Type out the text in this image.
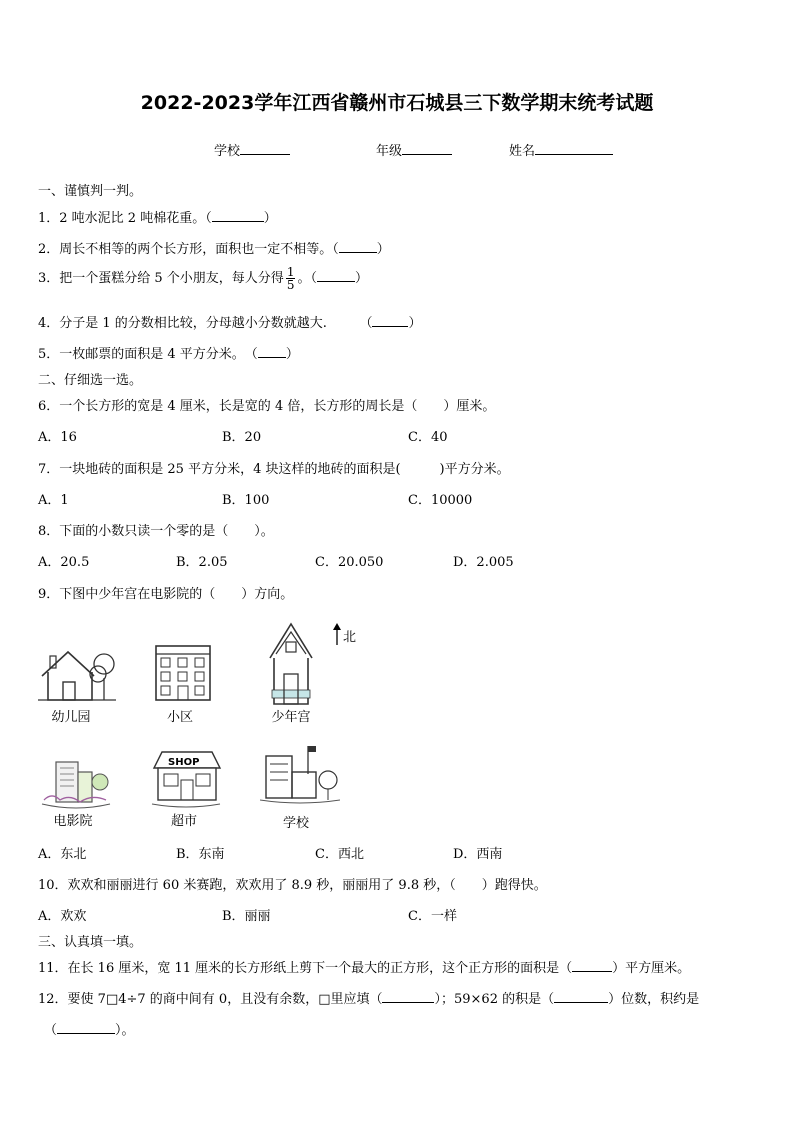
2022-2023学年江西省赣州市石城县三下数学期末统考试题
学校	年级	姓名
一、谨慎判一判。
1．2 吨水泥比 2 吨棉花重。（	）
2．周长不相等的两个长方形，面积也一定不相等。（	）
3．把一个蛋糕分给 5 个小朋友，每人分得 $\frac{1}{5}$ 。（	）
4．分子是 1 的分数相比较，分母越小分数就越大.　　　（	）
5．一枚邮票的面积是 4 平方分米。　（ ）
二、仔细选一选。
6．一个长方形的宽是 4 厘米，长是宽的 4 倍，长方形的周长是（　　）厘米。
A．16	B．20	C．40
7．一块地砖的面积是 25 平方分米，4 块这样的地砖的面积是(　　　)平方分米。
A．1	B．100	C．10000
8．下面的小数只读一个零的是（　　）。
A．20.5	B．2.05	C．20.050	D．2.005
9．下图中少年宫在电影院的（　　）方向。
北
幼儿园	小区	少年宫
电影院
SHOP
超市	学校
A．东北	B．东南	C．西北	D．西南
10．欢欢和丽丽进行 60 米赛跑，欢欢用了 8.9 秒，丽丽用了 9.8 秒，（　　）跑得快。
A．欢欢	B．丽丽	C．一样
三、认真填一填。
11．在长 16 厘米，宽 11 厘米的长方形纸上剪下一个最大的正方形，这个正方形的面积是（	）平方厘米。
12．要使 7□4÷7 的商中间有 0，且没有余数，□里应填（	）；59×62 的积是（	）位数，积约是
（	）。
